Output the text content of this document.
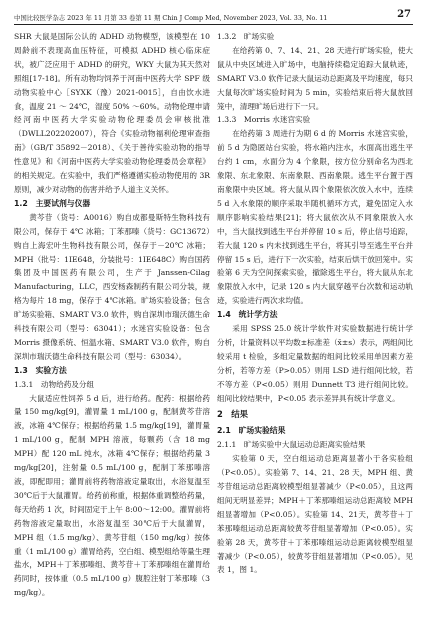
中国比较医学杂志 2023 年 11 月第 33 卷第 11 期 Chin J Comp Med, November 2023, Vol. 33, No. 11	27

SHR 大鼠是国际公认的 ADHD 动物模型，该模型在 10 周龄前不表现高血压特征，可模拟 ADHD 核心临床症状，被广泛应用于 ADHD 的研究，WKY 大鼠为其天然对照组[17-18]。所有动物均饲养于河南中医药大学 SPF 级动物实验中心［SYXK（豫）2021-0015］，自由饮水进食，温度 21 ～ 24℃，湿度 50% ～60%。动物伦理申请经河南中医药大学实验动物伦理委员会审核批准（DWLL202202007），符合《实验动物福利伦理审查指南》（GB/T 35892－2018）、《关于善待实验动物的指导性意见》和《河南中医药大学实验动物伦理委员会章程》的相关规定。在实验中，我们严格遵循实验动物使用的 3R 原则，减少对动物的伤害并给予人道主义关怀。

1.2　主要试剂与仪器

黄芩苷（货号：A0016）购自成都曼斯特生物科技有限公司，保存于 4℃ 冰箱；丁苯那嗪（货号：GC13672）购自上海宏叶生物科技有限公司，保存于－20℃ 冰箱；MPH（批号：1IE648，分装批号：1IE648C）购自国药集团及中国医药有限公司，生产于 Janssen-Cilag Manufacturing，LLC，西安杨森制药有限公司分装，规格为每片 18 mg，保存于 4℃冰箱。旷场实验设备；包含旷场实验箱、SMART V3.0 软件，购自深圳市瑞沃德生命科技有限公司（型号：63041）；水迷宫实验设备：包含 Morris 摄像系统、恒温水箱、SMART V3.0 软件，购自深圳市瑞沃德生命科技有限公司（型号：63034）。

1.3　实验方法
1.3.1　动物给药及分组

大鼠适应性饲养 5 d 后，进行给药。配药：根据给药量 150 mg/kg[9]，灌胃量 1 mL/100 g，配制黄芩苷溶液，冰箱 4℃保存；根据给药量 1.5 mg/kg[19]，灌胃量 1 mL/100 g，配制 MPH 溶液，每颗药（含 18 mg MPH）配 120 mL 纯水，冰箱 4℃保存；根据给药量 3 mg/kg[20]，注射量 0.5 mL/100 g，配制丁苯那嗪溶液，即配即用；灌胃前将药物溶液定量取出，水浴复温至 30℃后于大鼠灌胃。给药前称重，根据体重调整给药量，每天给药 1 次，时间固定于上午 8:00～12:00。灌胃前将药物溶液定量取出，水浴复温至 30℃后于大鼠灌胃，MPH 组（1.5 mg/kg）、黄芩苷组（150 mg/kg）按体重（1 mL/100 g）灌胃给药，空白组、模型组给等量生理盐水，MPH＋丁苯那嗪组、黄芩苷＋丁苯那嗪组在灌胃给药同时，按体重（0.5 mL/100 g）腹腔注射丁苯那嗪（3 mg/kg）。

1.3.2　旷场实验

在给药第 0、7、14、21、28 天进行旷场实验，使大鼠从中央区域进入旷场中，电脑持续稳定追踪大鼠轨迹，SMART V3.0 软件记录大鼠运动总距离及平均速度，每只大鼠每次旷场实验时间为 5 min，实验结束后将大鼠放回笼中，清理旷场后进行下一只。

1.3.3　Morris 水迷宫实验

在给药第 3 周进行为期 6 d 的 Morris 水迷宫实验，前 5 d 为隐匿站台实验，将水箱内注水，水面高出逃生平台约 1 cm，水面分为 4 个象限，按方位分别命名为西北象限、东北象限、东南象限、西南象限。逃生平台置于西南象限中央区域。将大鼠从四个象限依次放入水中，连续 5 d 入水象限的顺序采取半随机循环方式，避免固定入水顺序影响实验结果[21]；将大鼠依次从不同象限放入水中，当大鼠找到逃生平台并停留 10 s 后，停止信号追踪，若大鼠 120 s 内未找到逃生平台，将其引导至逃生平台并停留 15 s 后，进行下一次实验，结束后烘干放回笼中。实验第 6 天为空间探索实验，撤除逃生平台，将大鼠从东北象限放入水中，记录 120 s 内大鼠穿越平台次数和运动轨迹，实验进行两次求均值。

1.4　统计学方法

采用 SPSS 25.0 统计学软件对实验数据进行统计学分析，计量资料以平均数±标准差（x̄±s）表示，两组间比较采用 t 检验，多组定量数据的组间比较采用单因素方差分析，若等方差（P>0.05）则用 LSD 进行组间比较，若不等方差（P<0.05）则用 Dunnett T3 进行组间比较。组间比较结果中，P<0.05 表示差异具有统计学意义。

2　结果
2.1　旷场实验结果
2.1.1　旷场实验中大鼠运动总距离实验结果

实验第 0 天，空白组运动总距离显著小于各实验组（P<0.05）。实验第 7、14、21、28 天，MPH 组、黄芩苷组运动总距离较模型组显著减少（P<0.05），且这两组间无明显差异；MPH＋丁苯那嗪组运动总距离较 MPH 组显著增加（P<0.05）。实验第 14、21天，黄芩苷＋丁苯那嗪组运动总距离较黄芩苷组显著增加（P<0.05）。实验第 28 天，黄芩苷＋丁苯那嗪组运动总距离较模型组显著减少（P<0.05），较黄芩苷组显著增加（P<0.05）。见表 1，图 1。
